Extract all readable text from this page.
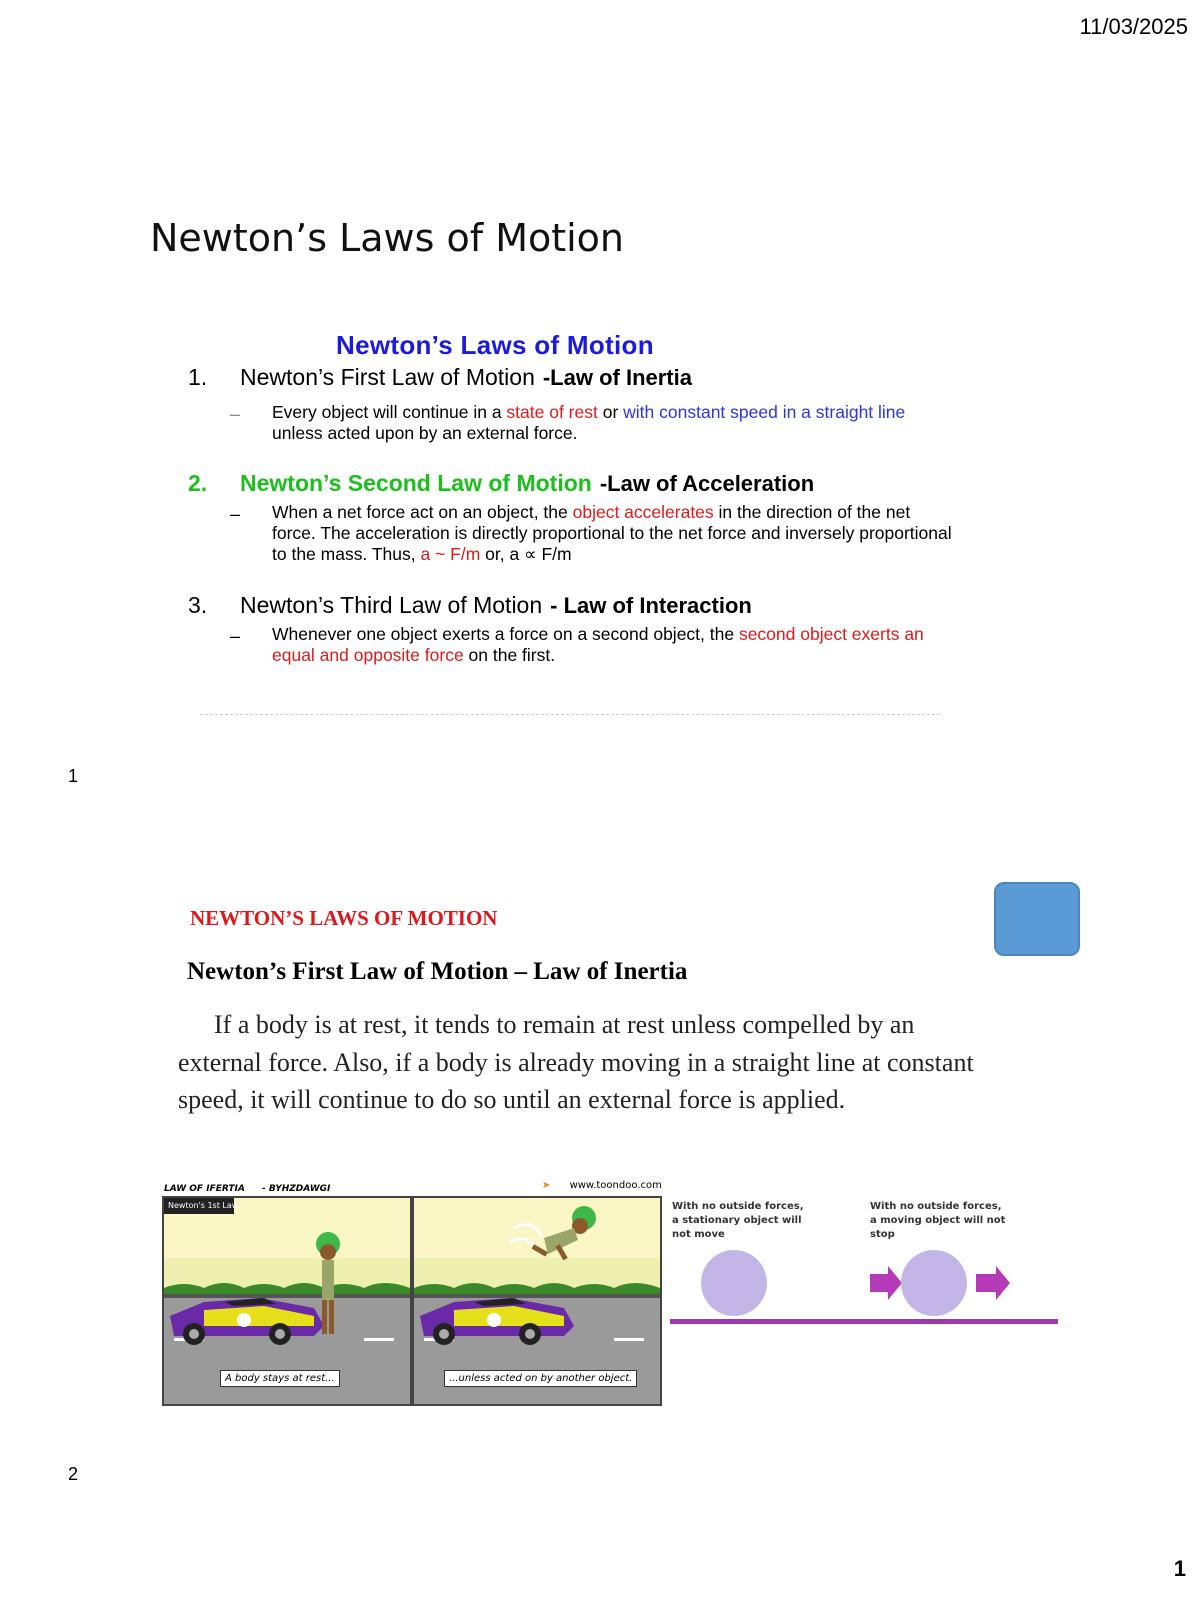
11/03/2025
Newton’s Laws of Motion
Newton’s Laws of Motion
1. Newton’s First Law of Motion -Law of Inertia
– Every object will continue in a state of rest or with constant speed in a straight line unless acted upon by an external force.
2. Newton’s Second Law of Motion -Law of Acceleration
– When a net force act on an object, the object accelerates in the direction of the net force. The acceleration is directly proportional to the net force and inversely proportional to the mass. Thus, a ~ F/m or, a ∝ F/m
3. Newton’s Third Law of Motion - Law of Interaction
– Whenever one object exerts a force on a second object, the second object exerts an equal and opposite force on the first.
1
NEWTON’S LAWS OF MOTION
Newton’s First Law of Motion – Law of Inertia
If a body is at rest, it tends to remain at rest unless compelled by an external force. Also, if a body is already moving in a straight line at constant speed, it will continue to do so until an external force is applied.
LAW OF IFERTIA - BYHZDAWGI	➤ www.toondoo.com
Newton's 1st Law
A body stays at rest...	...unless acted on by another object.
With no outside forces, a stationary object will not move
With no outside forces, a moving object will not stop
2
1
